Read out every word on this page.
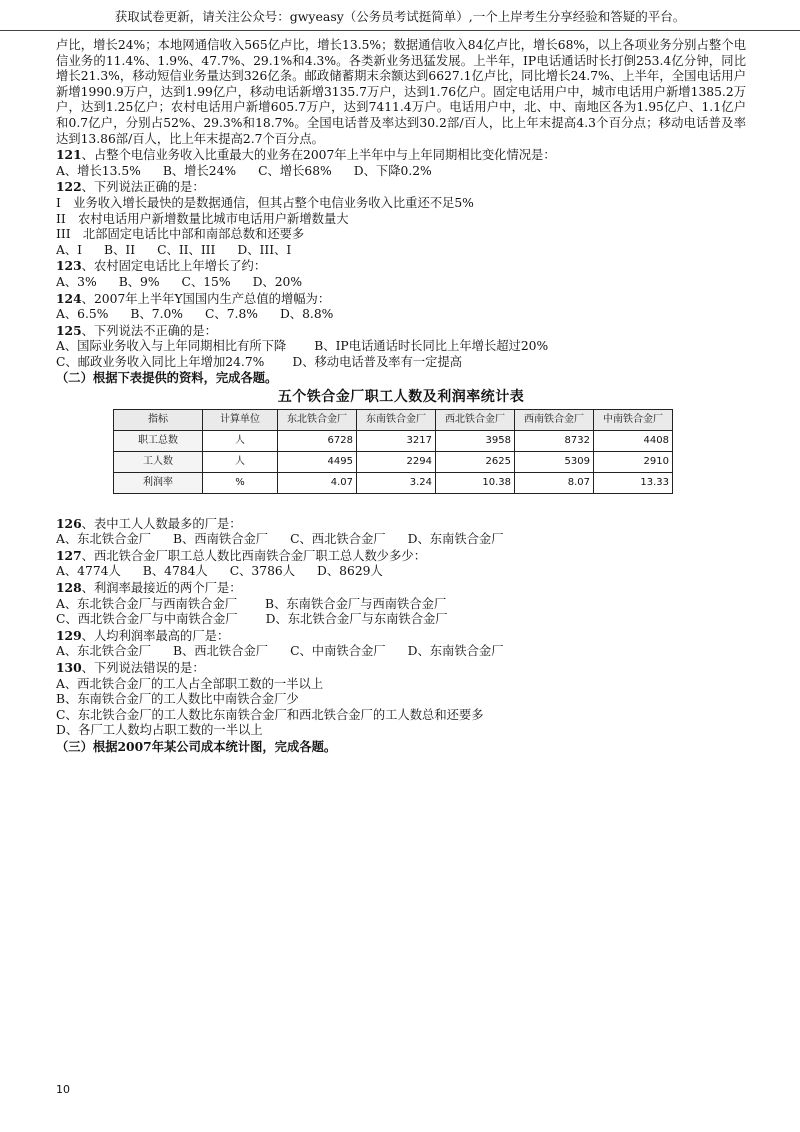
获取试卷更新，请关注公众号：gwyeasy（公务员考试挺简单）,一个上岸考生分享经验和答疑的平台。

卢比，增长24%；本地网通信收入565亿卢比，增长13.5%；数据通信收入84亿卢比，增长68%，以上各项业务分别占整个电信业务的11.4%、1.9%、47.7%、29.1%和4.3%。各类新业务迅猛发展。上半年，IP电话通话时长打倒253.4亿分钟，同比增长21.3%，移动短信业务量达到326亿条。邮政储蓄期末余额达到6627.1亿卢比，同比增长24.7%、上半年，全国电话用户新增1990.9万户，达到1.99亿户，移动电话新增3135.7万户，达到1.76亿户。固定电话用户中，城市电话用户新增1385.2万户，达到1.25亿户；农村电话用户新增605.7万户，达到7411.4万户。电话用户中，北、中、南地区各为1.95亿户、1.1亿户和0.7亿户，分别占52%、29.3%和18.7%。全国电话普及率达到30.2部/百人，比上年末提高4.3个百分点；移动电话普及率达到13.86部/百人，比上年末提高2.7个百分点。

121、占整个电信业务收入比重最大的业务在2007年上半年中与上年同期相比变化情况是：

A、增长13.5% B、增长24% C、增长68% D、下降0.2%

122、下列说法正确的是：

I　业务收入增长最快的是数据通信，但其占整个电信业务收入比重还不足5%

II　农村电话用户新增数量比城市电话用户新增数量大

III　北部固定电话比中部和南部总数和还要多

A、I B、II C、II、III D、III、I

123、农村固定电话比上年增长了约：

A、3% B、9% C、15% D、20%

124、2007年上半年Y国国内生产总值的增幅为：

A、6.5% B、7.0% C、7.8% D、8.8%

125、下列说法不正确的是：

A、国际业务收入与上年同期相比有所下降 B、IP电话通话时长同比上年增长超过20%

C、邮政业务收入同比上年增加24.7% D、移动电话普及率有一定提高

（二）根据下表提供的资料，完成各题。

五个铁合金厂职工人数及利润率统计表
指标	计算单位	东北铁合金厂	东南铁合金厂	西北铁合金厂	西南铁合金厂	中南铁合金厂
职工总数	人	6728	3217	3958	8732	4408
工人数	人	4495	2294	2625	5309	2910
利润率	%	4.07	3.24	10.38	8.07	13.33

126、表中工人人数最多的厂是：

A、东北铁合金厂 B、西南铁合金厂 C、西北铁合金厂 D、东南铁合金厂

127、西北铁合金厂职工总人数比西南铁合金厂职工总人数少多少：

A、4774人 B、4784人 C、3786人 D、8629人

128、利润率最接近的两个厂是：

A、东北铁合金厂与西南铁合金厂 B、东南铁合金厂与西南铁合金厂

C、西北铁合金厂与中南铁合金厂 D、东北铁合金厂与东南铁合金厂

129、人均利润率最高的厂是：

A、东北铁合金厂 B、西北铁合金厂 C、中南铁合金厂 D、东南铁合金厂

130、下列说法错误的是：

A、西北铁合金厂的工人占全部职工数的一半以上

B、东南铁合金厂的工人数比中南铁合金厂少

C、东北铁合金厂的工人数比东南铁合金厂和西北铁合金厂的工人数总和还要多

D、各厂工人数均占职工数的一半以上

（三）根据2007年某公司成本统计图，完成各题。

10
